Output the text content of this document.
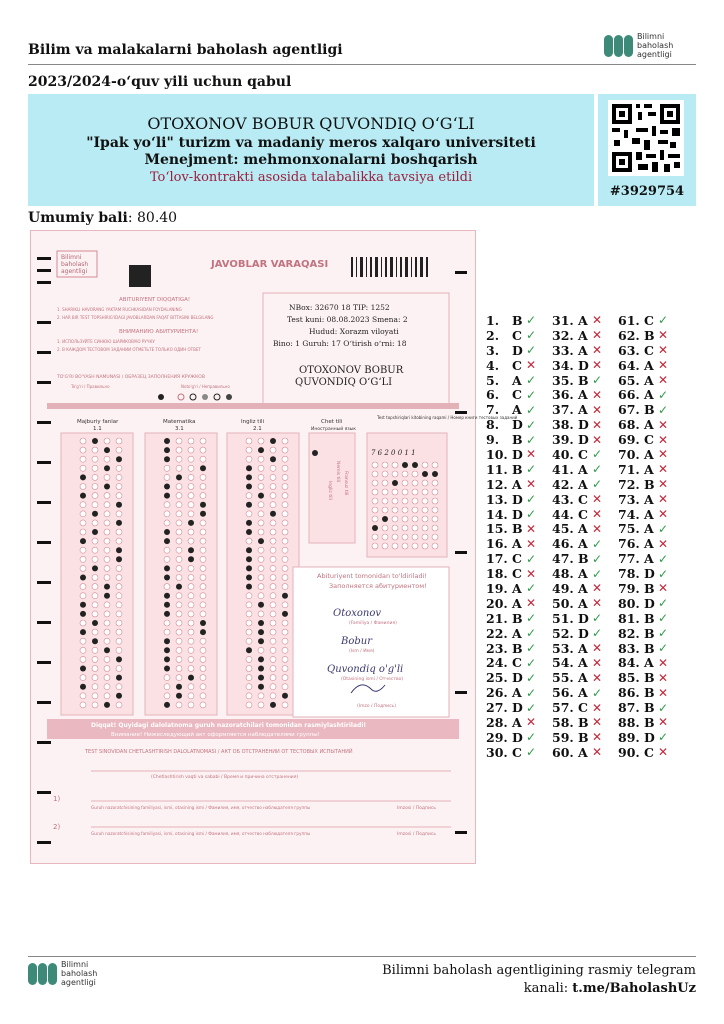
Bilim va malakalarni baholash agentligi
Bilimni
baholash
agentligi
2023/2024-o‘quv yili uchun qabul
OTOXONOV BOBUR QUVONDIQ O‘G‘LI
"Ipak yo‘li" turizm va madaniy meros xalqaro universiteti
Menejment: mehmonxonalarni boshqarish
To‘lov-kontrakti asosida talabalikka tavsiya etildi
#3929754
Umumiy bali: 80.40
Bilimni
baholash
agentligi
JAVOBLAR VARAQASI
ABITURIYENT DIQQATIGA!
1. SHARIKLI HAVORANG YAKTAM RUCHKASIDAN FOYDALANING
2. HAR BIR TEST TOPSHIRIG'IDAGI JAVOBLARDAN FAQAT BITTASINI BELGILANG
ВНИМАНИЮ АБИТУРИЕНТА!
1. ИСПОЛЬЗУЙТЕ СИНЮЮ ШАРИКОВУЮ РУЧКУ
2. В КАЖДОМ ТЕСТОВОМ ЗАДАНИИ ОТМЕТЬТЕ ТОЛЬКО ОДИН ОТВЕТ
TO'G'RI BO'YASH NAMUNASI / ОБРАЗЕЦ ЗАПОЛНЕНИЯ КРУЖКОВ
To'g'ri / Правильно	Noto'g'ri / Неправильно
NBox: 32670 18 TIP: 1252
Test kuni: 08.08.2023 Smena: 2
Hudud: Xorazm viloyati
Bino: 1 Guruh: 17 O‘tirish o‘rni: 18
OTOXONOV BOBUR
QUVONDIQ O‘G‘LI
Majburiy fanlar
1.1
Matematika
3.1
Ingliz tili
2.1
Chet tili
Иностранный язык
Test topshiriqlari kitobining raqami / Номер книги тестовых заданий
Ingliz tili
Nemis tili Fransuz tili
7 6 2 0 0 1 1
Abituriyent tomonidan to'ldiriladi!
Заполняется абитуриентом!
Otoxonov
Bobur
Quvondiq o'g'li
(Familiya / Фамилия)
(Ism / Имя)
(Otasining ismi / Отчество)
(Imzo / Подпись)
Diqqat! Quyidagi dalolatnoma guruh nazoratchilari tomonidan rasmiylashtiriladi!
Внимание! Нижеследующий акт оформляется наблюдателями группы!
TEST SINOVIDAN CHETLASHTIRISH DALOLATNOMASI / АКТ ОБ ОТСТРАНЕНИИ ОТ ТЕСТОВЫХ ИСПЫТАНИЙ
(Chetlashtirish vaqti va sababi / Время и причина отстранения)
1)
Guruh nazoratchisining familiyasi, ismi, otasining ismi / Фамилия, имя, отчество наблюдателя группы	Imzosi / Подпись
2)
Guruh nazoratchisining familiyasi, ismi, otasining ismi / Фамилия, имя, отчество наблюдателя группы	Imzosi / Подпись
1.	B ✓
2.	C ✓
3.	D ✓
4.	C ✕
5.	A ✓
6.	C ✓
7.	A ✓
8.	D ✓
9.	B ✓
10. D ✕
11. B ✓
12. A ✕
13. D ✓
14. D ✓
15. B ✕
16. A ✕
17. C ✓
18. C ✕
19. A ✓
20. A ✕
21. B ✓
22. A ✓
23. B ✓
24. C ✓
25. D ✓
26. A ✓
27. D ✓
28. A ✕
29. D ✓
30. C ✓
31. A ✕
32. A ✕
33. A ✕
34. D ✕
35. B ✓
36. A ✕
37. A ✕
38. D ✕
39. D ✕
40. C ✓
41. A ✓
42. A ✓
43. C ✕
44. C ✕
45. A ✕
46. A ✓
47. B ✓
48. A ✓
49. A ✕
50. A ✕
51. D ✓
52. D ✓
53. A ✕
54. A ✕
55. A ✕
56. A ✓
57. C ✕
58. B ✕
59. B ✕
60. A ✕
61. C ✓
62. B ✕
63. C ✕
64. A ✕
65. A ✕
66. A ✓
67. B ✓
68. A ✕
69. C ✕
70. A ✕
71. A ✕
72. B ✕
73. A ✕
74. A ✕
75. A ✓
76. A ✕
77. A ✓
78. D ✓
79. B ✕
80. D ✓
81. B ✓
82. B ✓
83. B ✓
84. A ✕
85. B ✕
86. B ✕
87. B ✓
88. B ✕
89. D ✓
90. C ✕
Bilimni
baholash
agentligi
Bilimni baholash agentligining rasmiy telegram
kanali: t.me/BaholashUz
